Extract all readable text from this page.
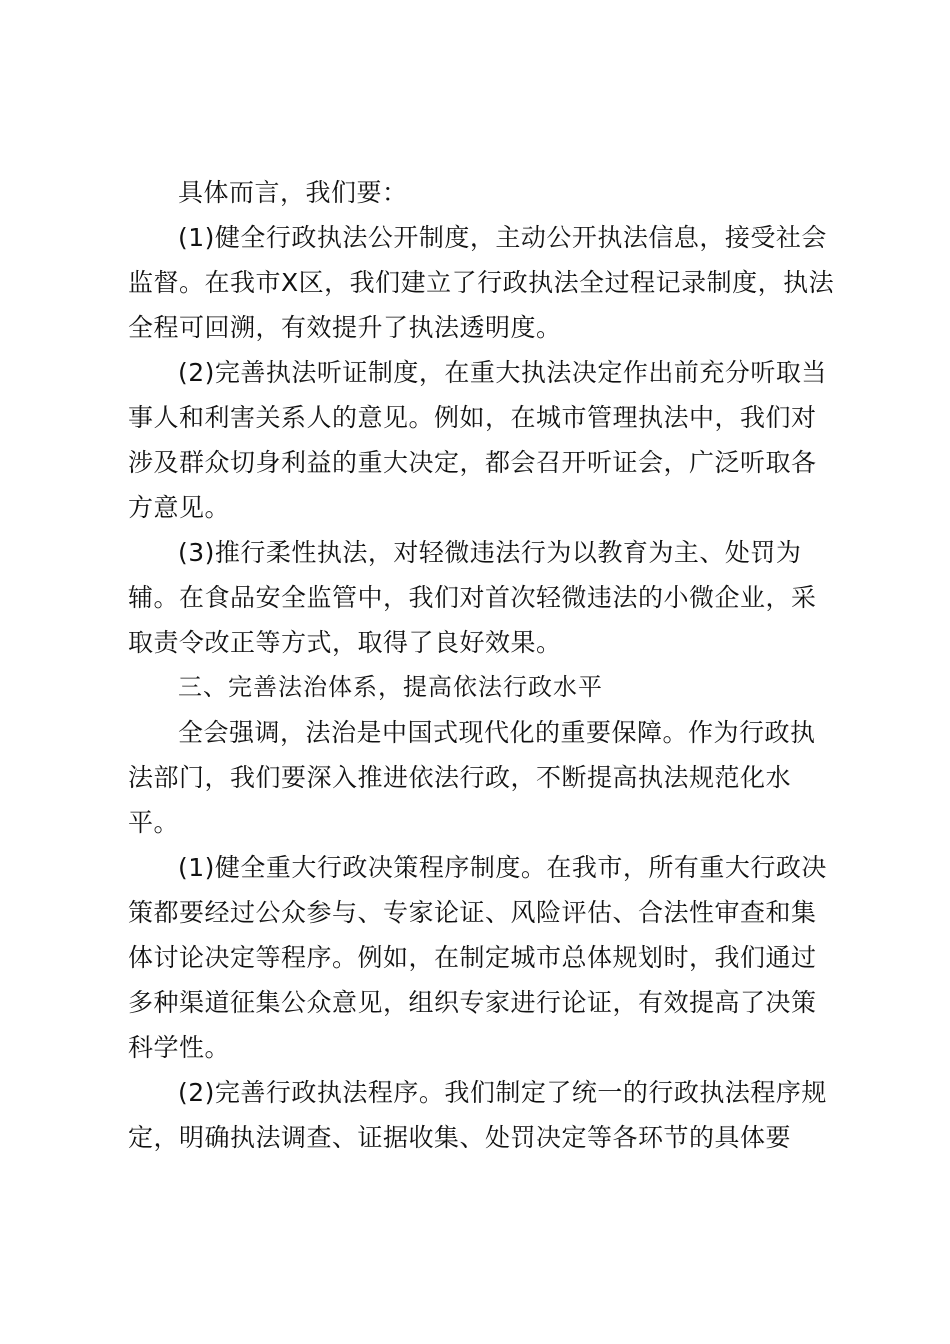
具体而言，我们要：

(1)健全行政执法公开制度，主动公开执法信息，接受社会监督。在我市X区，我们建立了行政执法全过程记录制度，执法全程可回溯，有效提升了执法透明度。

(2)完善执法听证制度，在重大执法决定作出前充分听取当事人和利害关系人的意见。例如，在城市管理执法中，我们对涉及群众切身利益的重大决定，都会召开听证会，广泛听取各方意见。

(3)推行柔性执法，对轻微违法行为以教育为主、处罚为辅。在食品安全监管中，我们对首次轻微违法的小微企业，采取责令改正等方式，取得了良好效果。

三、完善法治体系，提高依法行政水平

全会强调，法治是中国式现代化的重要保障。作为行政执法部门，我们要深入推进依法行政，不断提高执法规范化水平。

(1)健全重大行政决策程序制度。在我市，所有重大行政决策都要经过公众参与、专家论证、风险评估、合法性审查和集体讨论决定等程序。例如，在制定城市总体规划时，我们通过多种渠道征集公众意见，组织专家进行论证，有效提高了决策科学性。

(2)完善行政执法程序。我们制定了统一的行政执法程序规定，明确执法调查、证据收集、处罚决定等各环节的具体要
